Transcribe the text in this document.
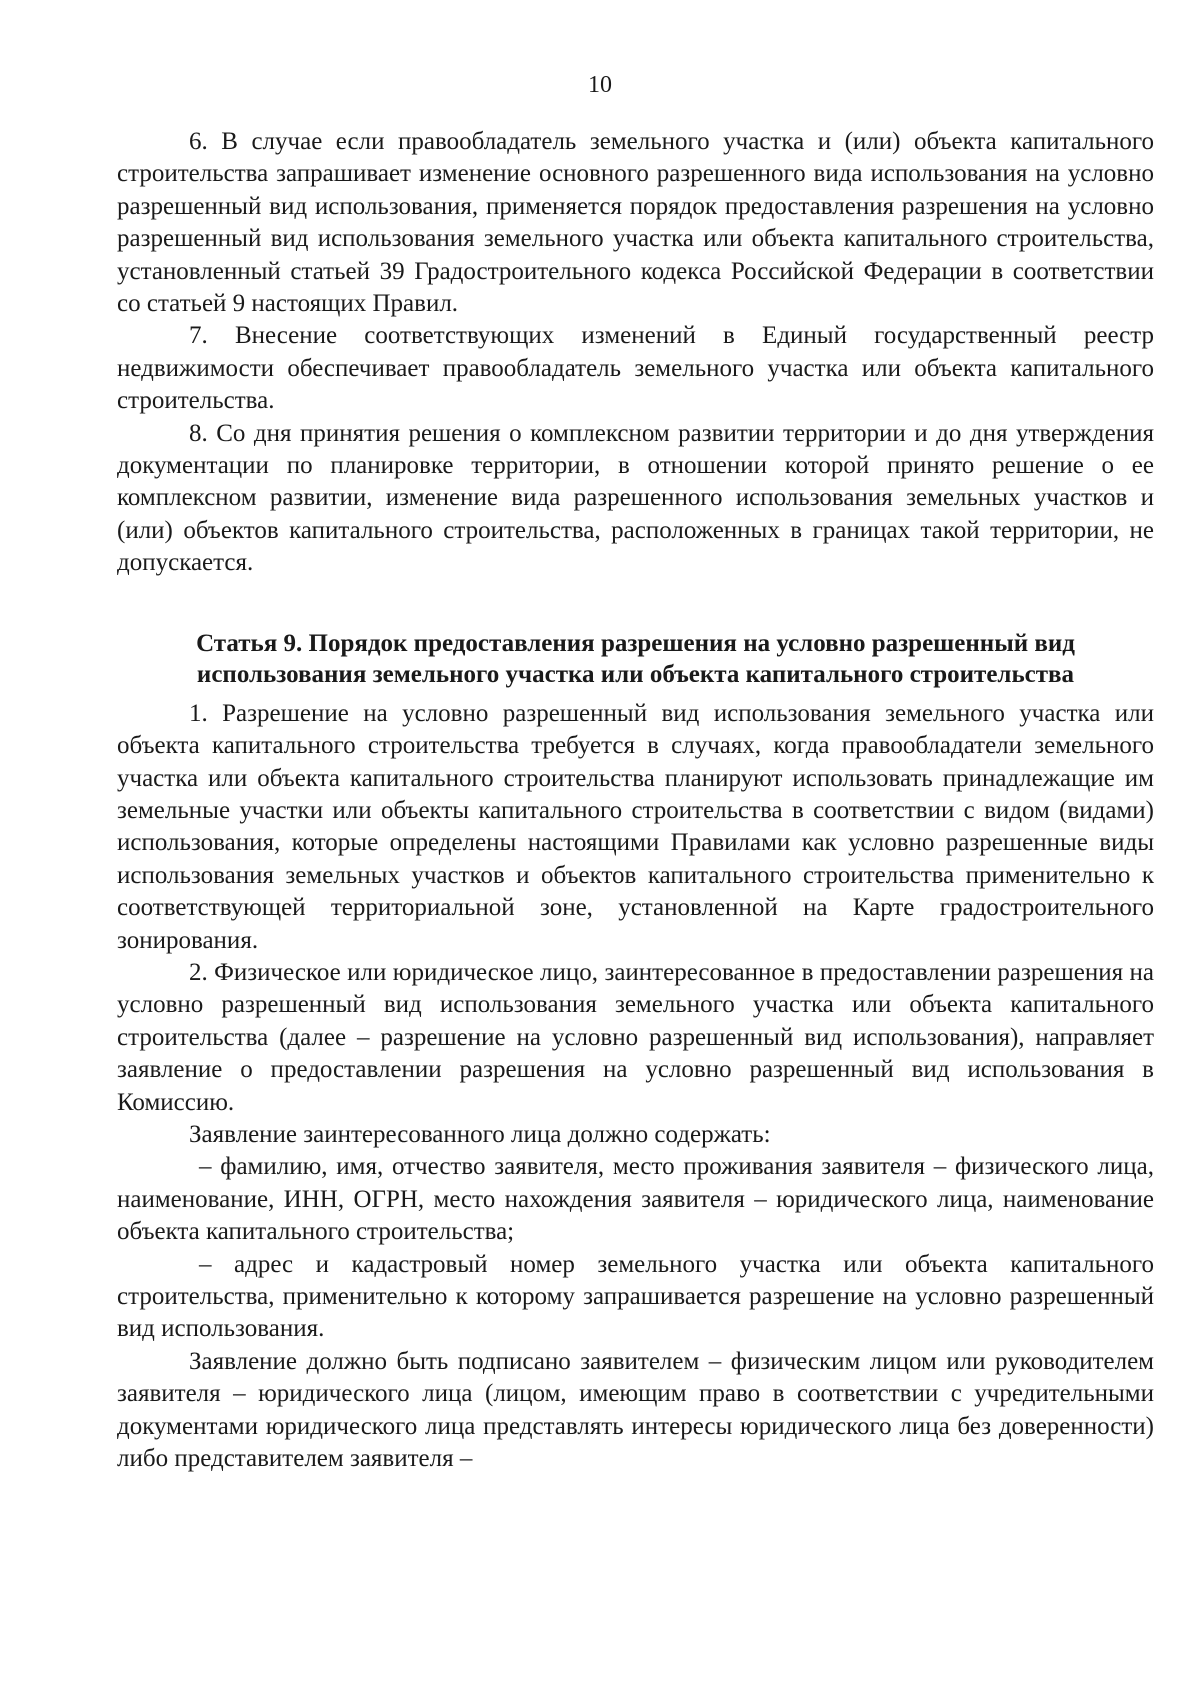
10

6. В случае если правообладатель земельного участка и (или) объекта капитального строительства запрашивает изменение основного разрешенного вида использования на условно разрешенный вид использования, применяется порядок предоставления разрешения на условно разрешенный вид использования земельного участка или объекта капитального строительства, установленный статьей 39 Градостроительного кодекса Российской Федерации в соответствии со статьей 9 настоящих Правил.

7. Внесение соответствующих изменений в Единый государственный реестр недвижимости обеспечивает правообладатель земельного участка или объекта капитального строительства.

8. Со дня принятия решения о комплексном развитии территории и до дня утверждения документации по планировке территории, в отношении которой принято решение о ее комплексном развитии, изменение вида разрешенного использования земельных участков и (или) объектов капитального строительства, расположенных в границах такой территории, не допускается.

Статья 9. Порядок предоставления разрешения на условно разрешенный вид
использования земельного участка или объекта капитального строительства

1. Разрешение на условно разрешенный вид использования земельного участка или объекта капитального строительства требуется в случаях, когда правообладатели земельного участка или объекта капитального строительства планируют использовать принадлежащие им земельные участки или объекты капитального строительства в соответствии с видом (видами) использования, которые определены настоящими Правилами как условно разрешенные виды использования земельных участков и объектов капитального строительства применительно к соответствующей территориальной зоне, установленной на Карте градостроительного зонирования.

2. Физическое или юридическое лицо, заинтересованное в предоставлении разрешения на условно разрешенный вид использования земельного участка или объекта капитального строительства (далее – разрешение на условно разрешенный вид использования), направляет заявление о предоставлении разрешения на условно разрешенный вид использования в Комиссию.

Заявление заинтересованного лица должно содержать:

– фамилию, имя, отчество заявителя, место проживания заявителя – физического лица, наименование, ИНН, ОГРН, место нахождения заявителя – юридического лица, наименование объекта капитального строительства;

– адрес и кадастровый номер земельного участка или объекта капитального строительства, применительно к которому запрашивается разрешение на условно разрешенный вид использования.

Заявление должно быть подписано заявителем – физическим лицом или руководителем заявителя – юридического лица (лицом, имеющим право в соответствии с учредительными документами юридического лица представлять интересы юридического лица без доверенности) либо представителем заявителя –
